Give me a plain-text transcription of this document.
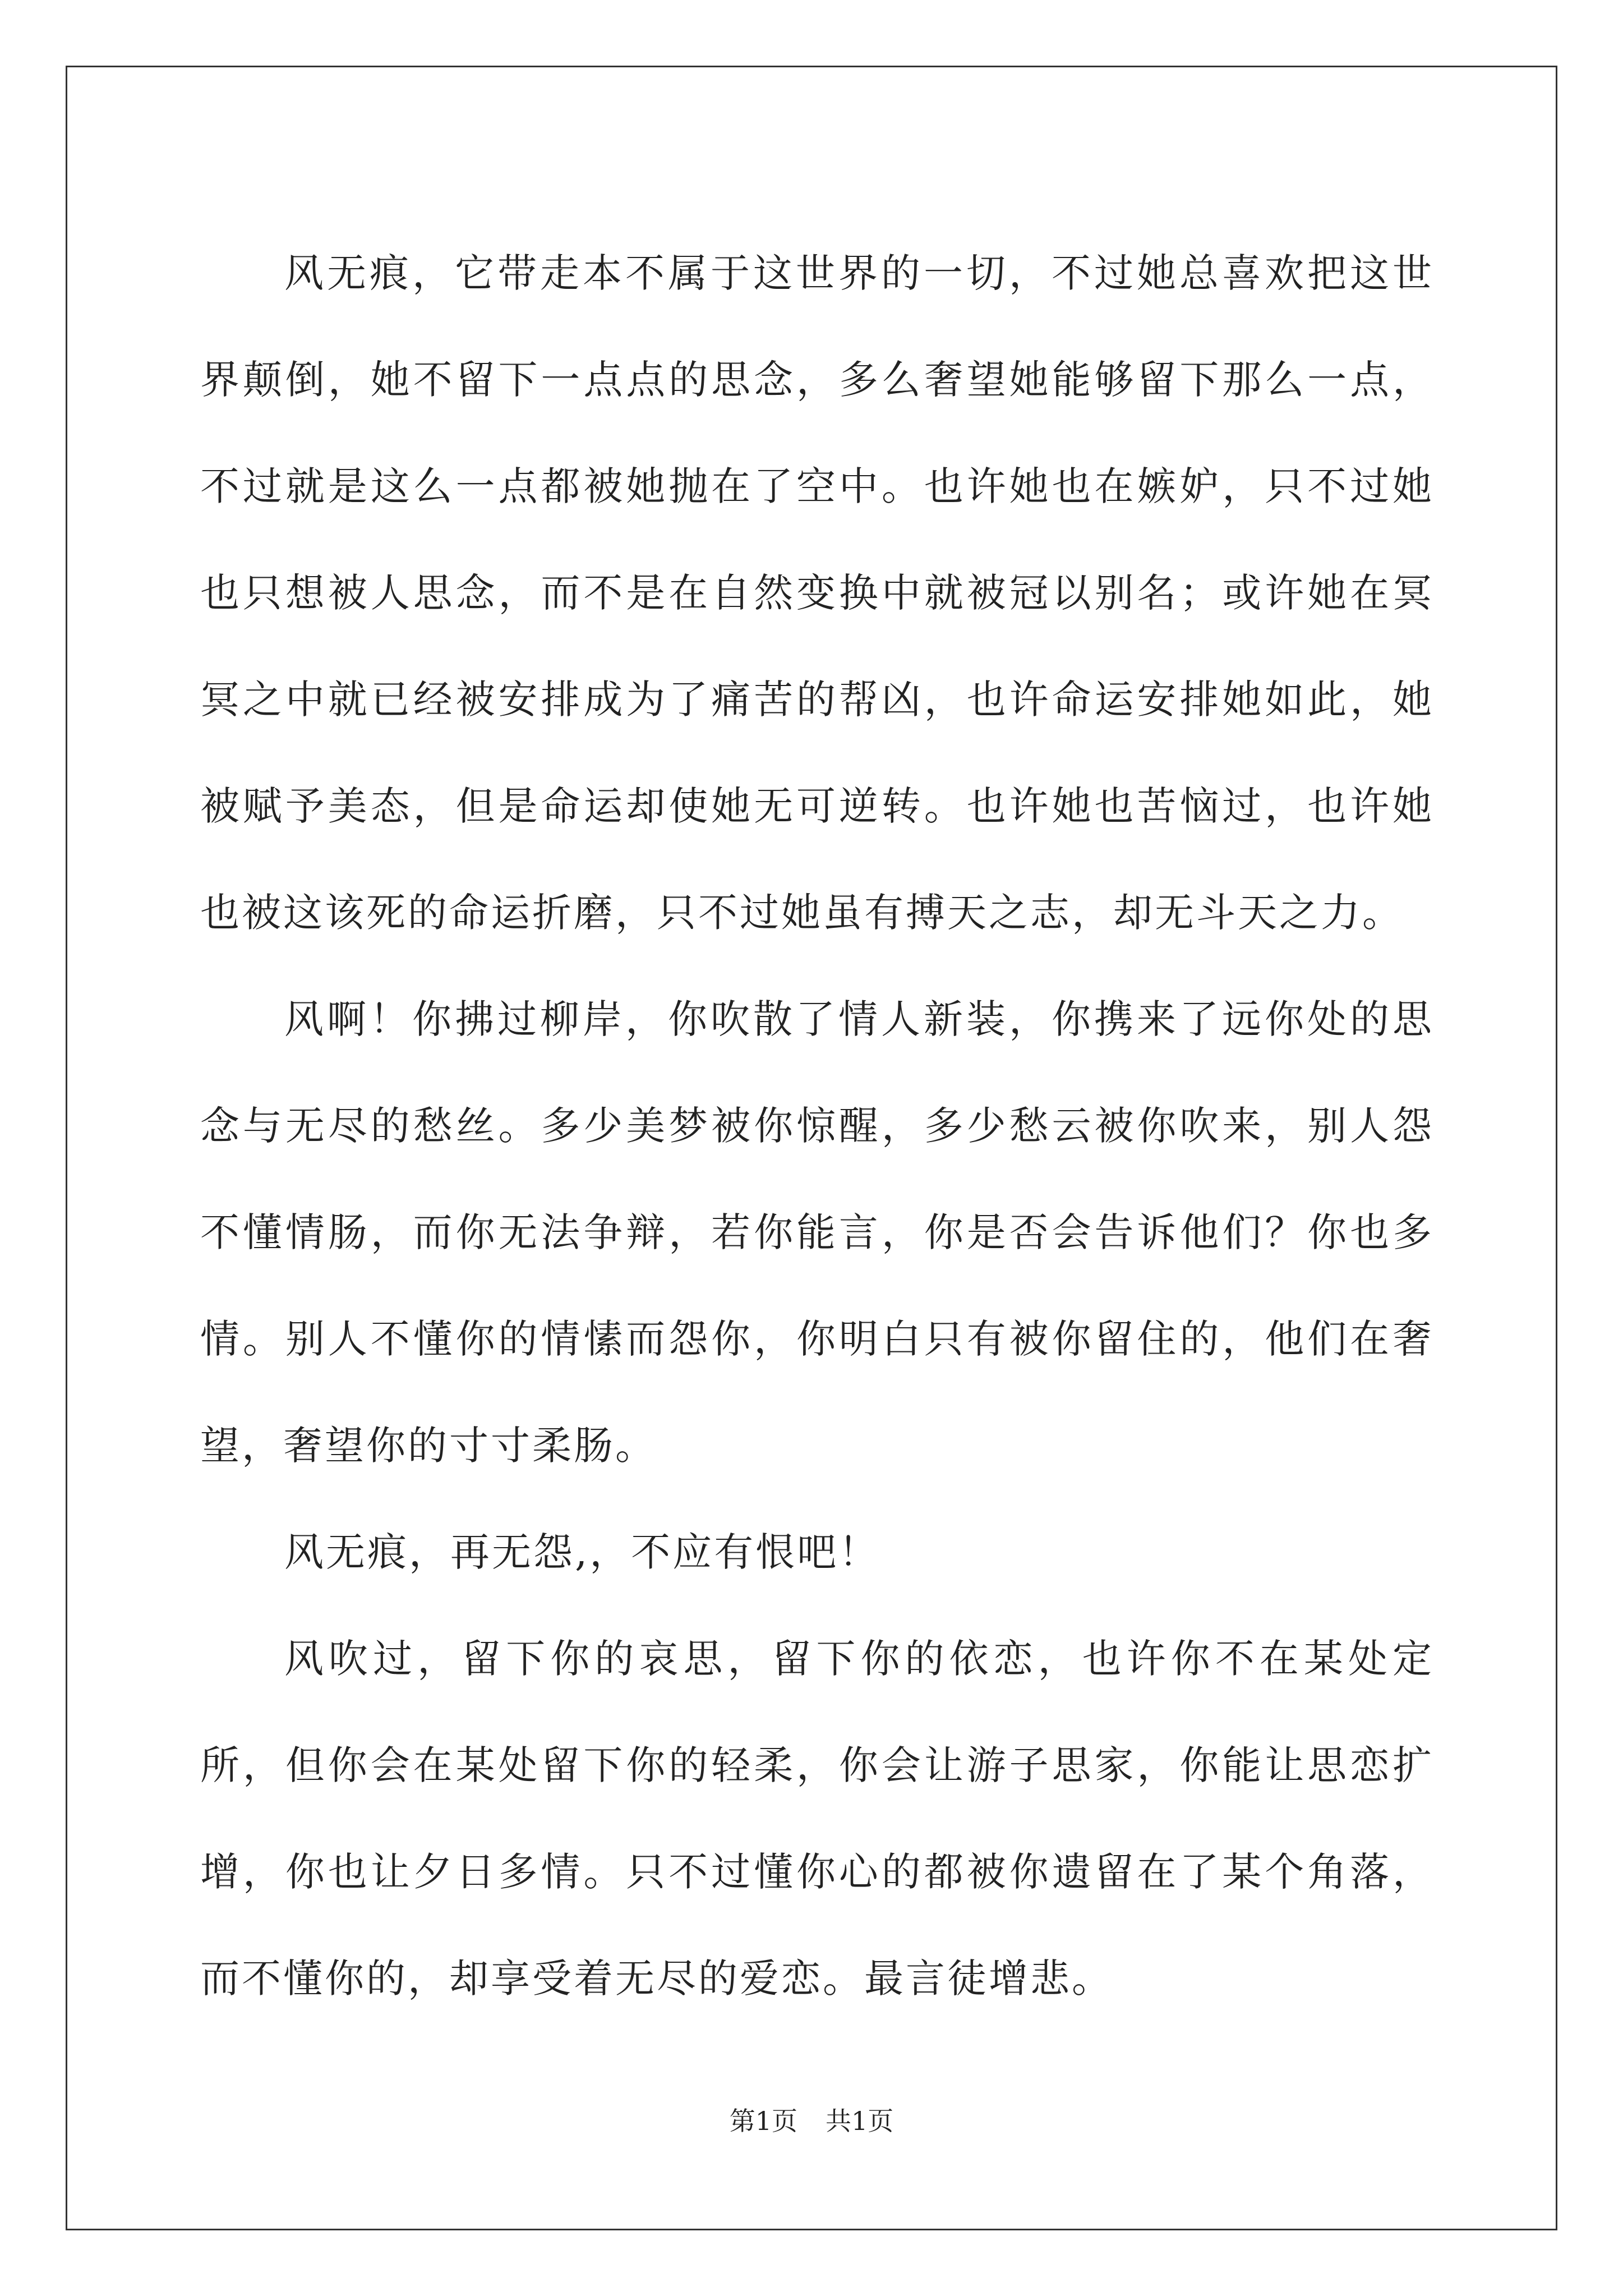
风无痕，它带走本不属于这世界的一切，不过她总喜欢把这世界颠倒，她不留下一点点的思念，多么奢望她能够留下那么一点，不过就是这么一点都被她抛在了空中。也许她也在嫉妒，只不过她也只想被人思念，而不是在自然变换中就被冠以别名；或许她在冥冥之中就已经被安排成为了痛苦的帮凶，也许命运安排她如此，她被赋予美态，但是命运却使她无可逆转。也许她也苦恼过，也许她也被这该死的命运折磨，只不过她虽有搏天之志，却无斗天之力。

风啊！你拂过柳岸，你吹散了情人新装，你携来了远你处的思念与无尽的愁丝。多少美梦被你惊醒，多少愁云被你吹来，别人怨不懂情肠，而你无法争辩，若你能言，你是否会告诉他们？你也多情。别人不懂你的情愫而怨你，你明白只有被你留住的，他们在奢望，奢望你的寸寸柔肠。

风无痕，再无怨,，不应有恨吧！

风吹过，留下你的哀思，留下你的依恋，也许你不在某处定所，但你会在某处留下你的轻柔，你会让游子思家，你能让思恋扩增，你也让夕日多情。只不过懂你心的都被你遗留在了某个角落，而不懂你的，却享受着无尽的爱恋。最言徒增悲。

第1页 共1页
